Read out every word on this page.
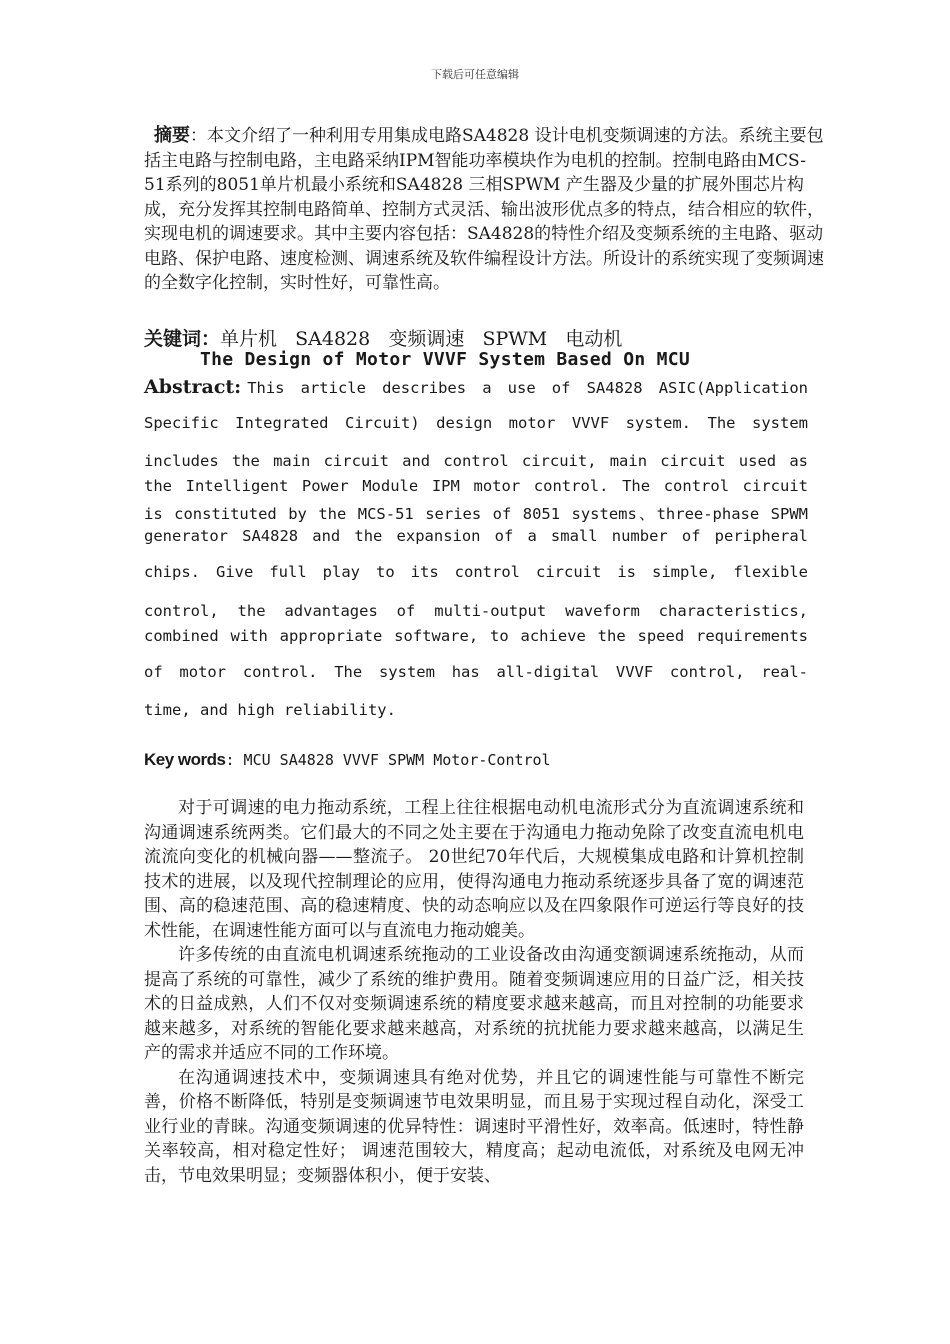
下载后可任意编辑
摘要：本文介绍了一种利用专用集成电路SA4828 设计电机变频调速的方法。系统主要包括主电路与控制电路，主电路采纳IPM智能功率模块作为电机的控制。控制电路由MCS-51系列的8051单片机最小系统和SA4828 三相SPWM 产生器及少量的扩展外围芯片构成，充分发挥其控制电路简单、控制方式灵活、输出波形优点多的特点，结合相应的软件，实现电机的调速要求。其中主要内容包括：SA4828的特性介绍及变频系统的主电路、驱动电路、保护电路、速度检测、调速系统及软件编程设计方法。所设计的系统实现了变频调速的全数字化控制，实时性好，可靠性高。
关键词：单片机   SA4828   变频调速   SPWM   电动机
The Design of Motor VVVF System Based On MCU
Abstract: This article describes a use of SA4828 ASIC(Application
Specific Integrated Circuit) design motor VVVF system. The system
includes the main circuit and control circuit, main circuit used as
the Intelligent Power Module IPM motor control. The control circuit
is constituted by the MCS-51 series of 8051 systems、three-phase SPWM
generator SA4828 and the expansion of a small number of peripheral
chips. Give full play to its control circuit is simple, flexible
control, the advantages of multi-output waveform characteristics,
combined with appropriate software, to achieve the speed requirements
of motor control. The system has all-digital VVVF control, real-
time, and high reliability.
Key words: MCU SA4828 VVVF SPWM Motor-Control

对于可调速的电力拖动系统，工程上往往根据电动机电流形式分为直流调速系统和沟通调速系统两类。它们最大的不同之处主要在于沟通电力拖动免除了改变直流电机电流流向变化的机械向器——整流子。 20世纪70年代后，大规模集成电路和计算机控制技术的进展，以及现代控制理论的应用，使得沟通电力拖动系统逐步具备了宽的调速范围、高的稳速范围、高的稳速精度、快的动态响应以及在四象限作可逆运行等良好的技术性能，在调速性能方面可以与直流电力拖动媲美。

许多传统的由直流电机调速系统拖动的工业设备改由沟通变额调速系统拖动，从而提高了系统的可靠性，减少了系统的维护费用。随着变频调速应用的日益广泛，相关技术的日益成熟，人们不仅对变频调速系统的精度要求越来越高，而且对控制的功能要求越来越多，对系统的智能化要求越来越高，对系统的抗扰能力要求越来越高，以满足生产的需求并适应不同的工作环境。

在沟通调速技术中，变频调速具有绝对优势，并且它的调速性能与可靠性不断完善，价格不断降低，特别是变频调速节电效果明显，而且易于实现过程自动化，深受工业行业的青睐。沟通变频调速的优异特性：调速时平滑性好，效率高。低速时，特性静关率较高，相对稳定性好； 调速范围较大，精度高；起动电流低，对系统及电网无冲击，节电效果明显；变频器体积小，便于安装、
